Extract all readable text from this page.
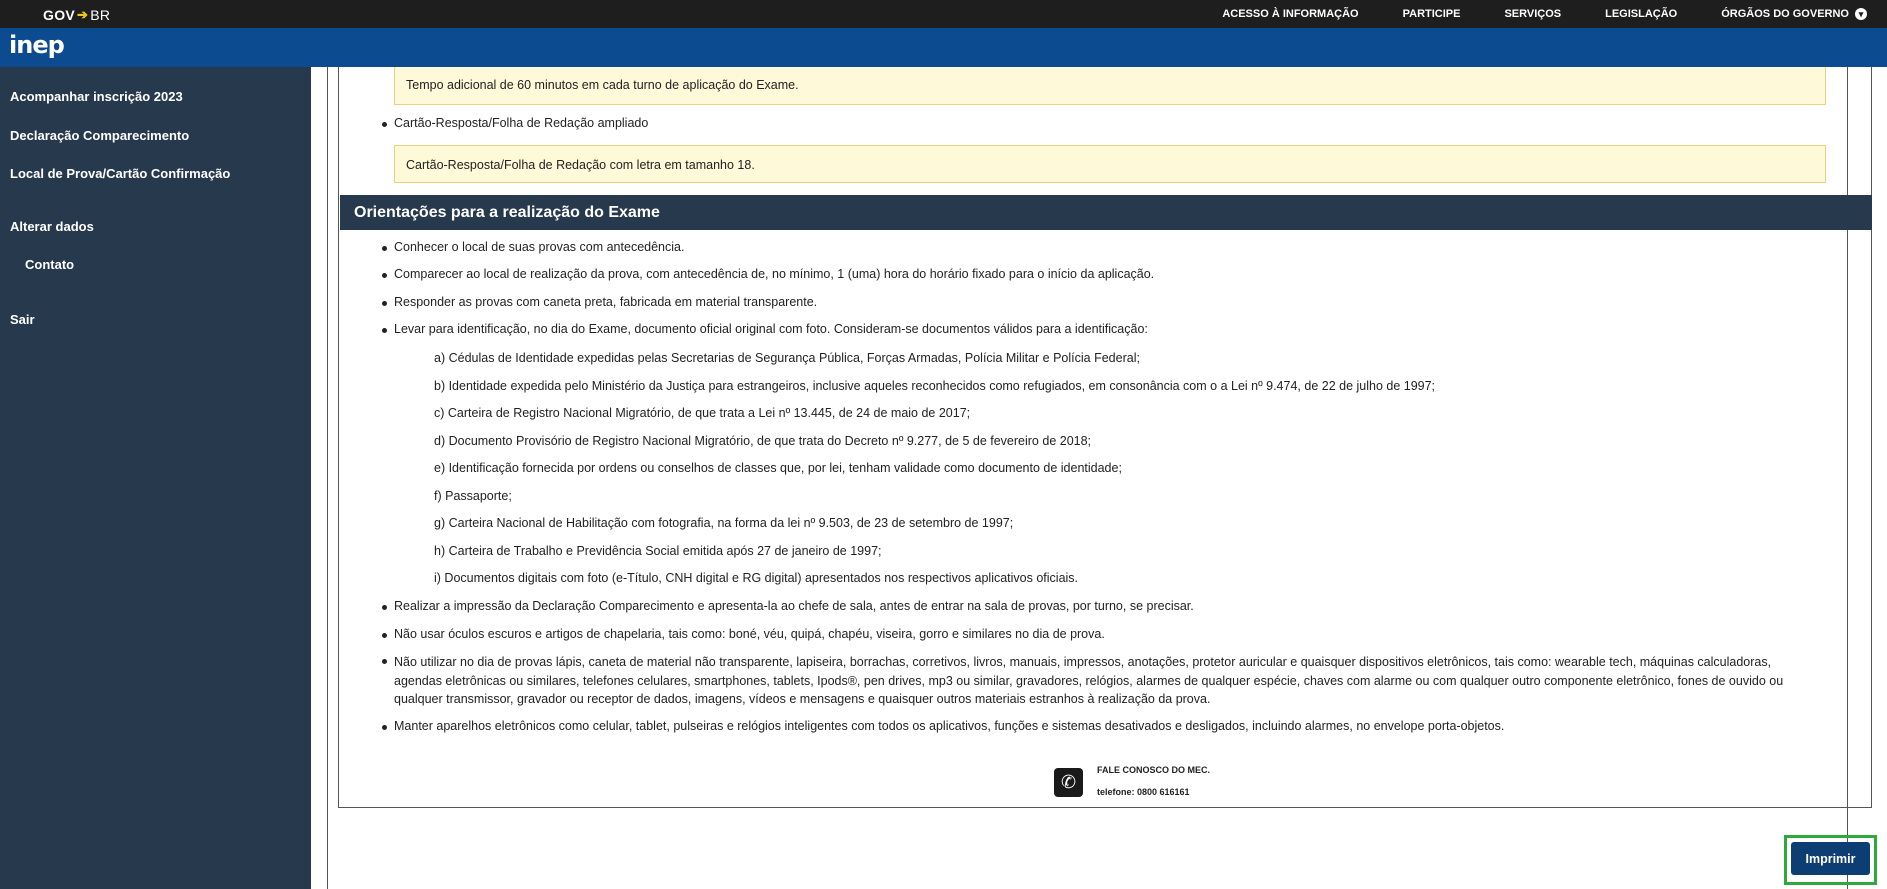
GOV ➔ BR	ACESSO À INFORMAÇÃO	PARTICIPE	SERVIÇOS	LEGISLAÇÃO	ÓRGÃOS DO GOVERNO	▾
inep
Acompanhar inscrição 2023
Declaração Comparecimento
Local de Prova/Cartão Confirmação
Alterar dados
Contato
Sair
Tempo adicional de 60 minutos em cada turno de aplicação do Exame.
Cartão-Resposta/Folha de Redação ampliado
Cartão-Resposta/Folha de Redação com letra em tamanho 18.
Orientações para a realização do Exame
Conhecer o local de suas provas com antecedência.
Comparecer ao local de realização da prova, com antecedência de, no mínimo, 1 (uma) hora do horário fixado para o início da aplicação.
Responder as provas com caneta preta, fabricada em material transparente.
Levar para identificação, no dia do Exame, documento oficial original com foto. Consideram-se documentos válidos para a identificação:
a) Cédulas de Identidade expedidas pelas Secretarias de Segurança Pública, Forças Armadas, Polícia Militar e Polícia Federal;
b) Identidade expedida pelo Ministério da Justiça para estrangeiros, inclusive aqueles reconhecidos como refugiados, em consonância com o a Lei nº 9.474, de 22 de julho de 1997;
c) Carteira de Registro Nacional Migratório, de que trata a Lei nº 13.445, de 24 de maio de 2017;
d) Documento Provisório de Registro Nacional Migratório, de que trata do Decreto nº 9.277, de 5 de fevereiro de 2018;
e) Identificação fornecida por ordens ou conselhos de classes que, por lei, tenham validade como documento de identidade;
f) Passaporte;
g) Carteira Nacional de Habilitação com fotografia, na forma da lei nº 9.503, de 23 de setembro de 1997;
h) Carteira de Trabalho e Previdência Social emitida após 27 de janeiro de 1997;
i) Documentos digitais com foto (e-Título, CNH digital e RG digital) apresentados nos respectivos aplicativos oficiais.
Realizar a impressão da Declaração Comparecimento e apresenta-la ao chefe de sala, antes de entrar na sala de provas, por turno, se precisar.
Não usar óculos escuros e artigos de chapelaria, tais como: boné, véu, quipá, chapéu, viseira, gorro e similares no dia de prova.
Não utilizar no dia de provas lápis, caneta de material não transparente, lapiseira, borrachas, corretivos, livros, manuais, impressos, anotações, protetor auricular e quaisquer dispositivos eletrônicos, tais como: wearable tech, máquinas calculadoras, agendas eletrônicas ou similares, telefones celulares, smartphones, tablets, Ipods®, pen drives, mp3 ou similar, gravadores, relógios, alarmes de qualquer espécie, chaves com alarme ou com qualquer outro componente eletrônico, fones de ouvido ou qualquer transmissor, gravador ou receptor de dados, imagens, vídeos e mensagens e quaisquer outros materiais estranhos à realização da prova.
Manter aparelhos eletrônicos como celular, tablet, pulseiras e relógios inteligentes com todos os aplicativos, funções e sistemas desativados e desligados, incluindo alarmes, no envelope porta-objetos.
✆
FALE CONOSCO DO MEC.
telefone: 0800 616161
Imprimir
